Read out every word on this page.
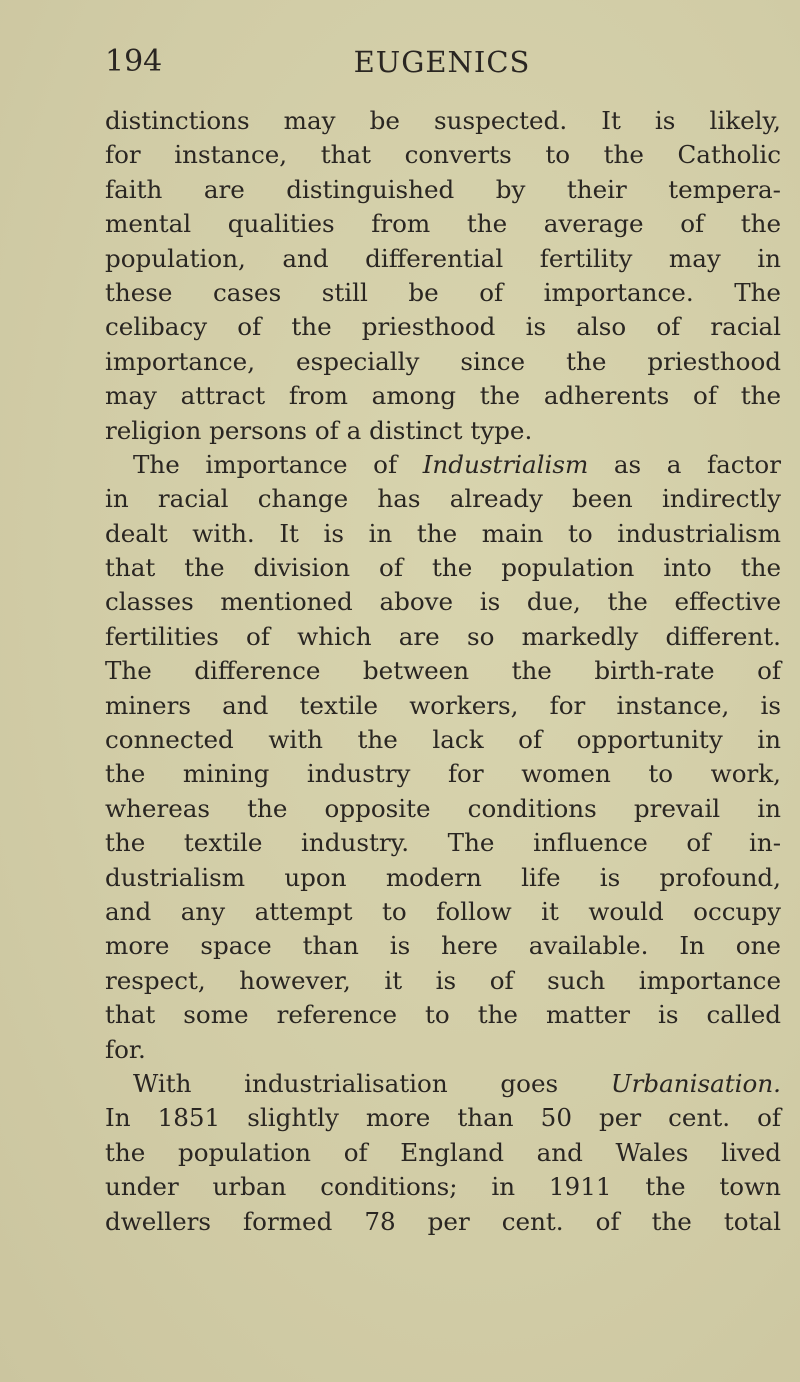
194	EUGENICS
distinctions may be suspected. It is likely,
for instance, that converts to the Catholic
faith are distinguished by their tempera-
mental qualities from the average of the
population, and differential fertility may in
these cases still be of importance. The
celibacy of the priesthood is also of racial
importance, especially since the priesthood
may attract from among the adherents of the
religion persons of a distinct type.
The importance of Industrialism as a factor
in racial change has already been indirectly
dealt with. It is in the main to industrialism
that the division of the population into the
classes mentioned above is due, the effective
fertilities of which are so markedly different.
The difference between the birth-rate of
miners and textile workers, for instance, is
connected with the lack of opportunity in
the mining industry for women to work,
whereas the opposite conditions prevail in
the textile industry. The influence of in-
dustrialism upon modern life is profound,
and any attempt to follow it would occupy
more space than is here available. In one
respect, however, it is of such importance
that some reference to the matter is called
for.
With industrialisation goes Urbanisation.
In 1851 slightly more than 50 per cent. of
the population of England and Wales lived
under urban conditions; in 1911 the town
dwellers formed 78 per cent. of the total
